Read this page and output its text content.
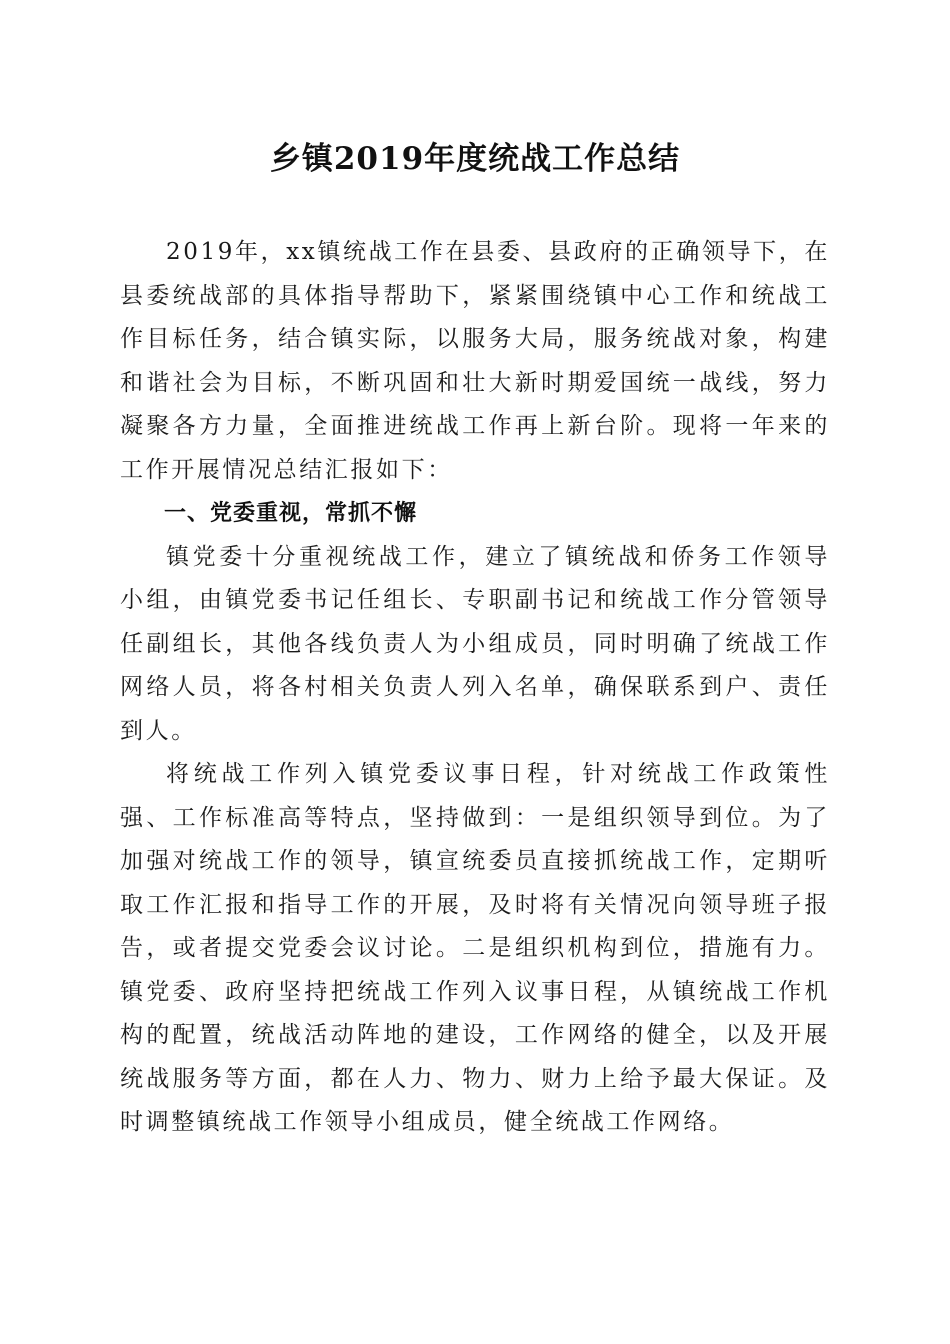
乡镇2019年度统战工作总结

2019年，xx镇统战工作在县委、县政府的正确领导下，在县委统战部的具体指导帮助下，紧紧围绕镇中心工作和统战工作目标任务，结合镇实际，以服务大局，服务统战对象，构建和谐社会为目标，不断巩固和壮大新时期爱国统一战线，努力凝聚各方力量，全面推进统战工作再上新台阶。现将一年来的工作开展情况总结汇报如下：

一、党委重视，常抓不懈

镇党委十分重视统战工作，建立了镇统战和侨务工作领导小组，由镇党委书记任组长、专职副书记和统战工作分管领导任副组长，其他各线负责人为小组成员，同时明确了统战工作网络人员，将各村相关负责人列入名单，确保联系到户、责任到人。

将统战工作列入镇党委议事日程，针对统战工作政策性强、工作标准高等特点，坚持做到：一是组织领导到位。为了加强对统战工作的领导，镇宣统委员直接抓统战工作，定期听取工作汇报和指导工作的开展，及时将有关情况向领导班子报告，或者提交党委会议讨论。二是组织机构到位，措施有力。镇党委、政府坚持把统战工作列入议事日程，从镇统战工作机构的配置，统战活动阵地的建设，工作网络的健全，以及开展统战服务等方面，都在人力、物力、财力上给予最大保证。及时调整镇统战工作领导小组成员，健全统战工作网络。
